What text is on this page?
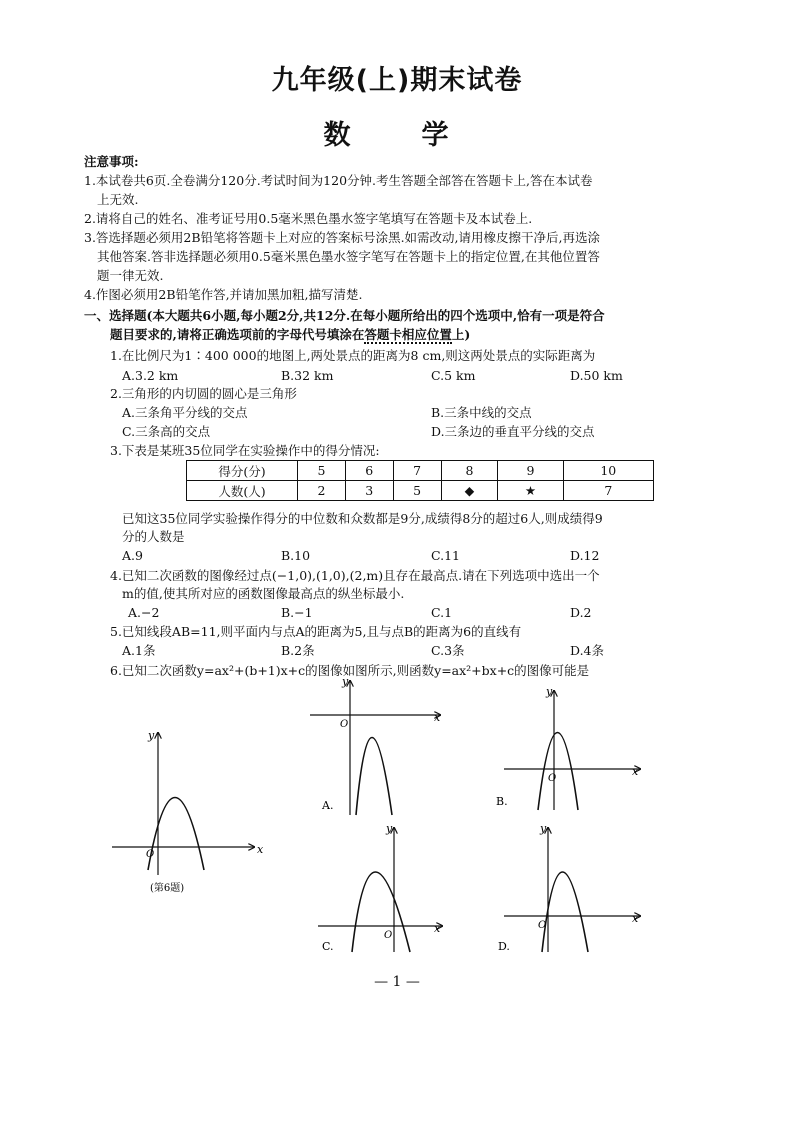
九年级(上)期末试卷
数　学
注意事项:
1.本试卷共6页.全卷满分120分.考试时间为120分钟.考生答题全部答在答题卡上,答在本试卷
上无效.
2.请将自己的姓名、准考证号用0.5毫米黑色墨水签字笔填写在答题卡及本试卷上.
3.答选择题必须用2B铅笔将答题卡上对应的答案标号涂黑.如需改动,请用橡皮擦干净后,再选涂
其他答案.答非选择题必须用0.5毫米黑色墨水签字笔写在答题卡上的指定位置,在其他位置答
题一律无效.
4.作图必须用2B铅笔作答,并请加黑加粗,描写清楚.
一、选择题(本大题共6小题,每小题2分,共12分.在每小题所给出的四个选项中,恰有一项是符合
题目要求的,请将正确选项前的字母代号填涂在答题卡相应位置上)
1.在比例尺为1∶400 000的地图上,两处景点的距离为8 cm,则这两处景点的实际距离为
A.3.2 km	B.32 km	C.5 km	D.50 km
2.三角形的内切圆的圆心是三角形
A.三条角平分线的交点	B.三条中线的交点
C.三条高的交点	D.三条边的垂直平分线的交点
3.下表是某班35位同学在实验操作中的得分情况:
得分(分)	5	6	7	8	9	10
人数(人)	2	3	5	◆	★	7
已知这35位同学实验操作得分的中位数和众数都是9分,成绩得8分的超过6人,则成绩得9
分的人数是
A.9	B.10	C.11	D.12
4.已知二次函数的图像经过点(−1,0),(1,0),(2,m)且存在最高点.请在下列选项中选出一个
m的值,使其所对应的函数图像最高点的纵坐标最小.
A.−2	B.−1	C.1	D.2
5.已知线段AB=11,则平面内与点A的距离为5,且与点B的距离为6的直线有
A.1条	B.2条	C.3条	D.4条
6.已知二次函数y=ax²+(b+1)x+c的图像如图所示,则函数y=ax²+bx+c的图像可能是
x
y
O
(第6题)
x
y
O
A.
x
y
O
B.
x
y
O
C.
x
y
O
D.
— 1 —
